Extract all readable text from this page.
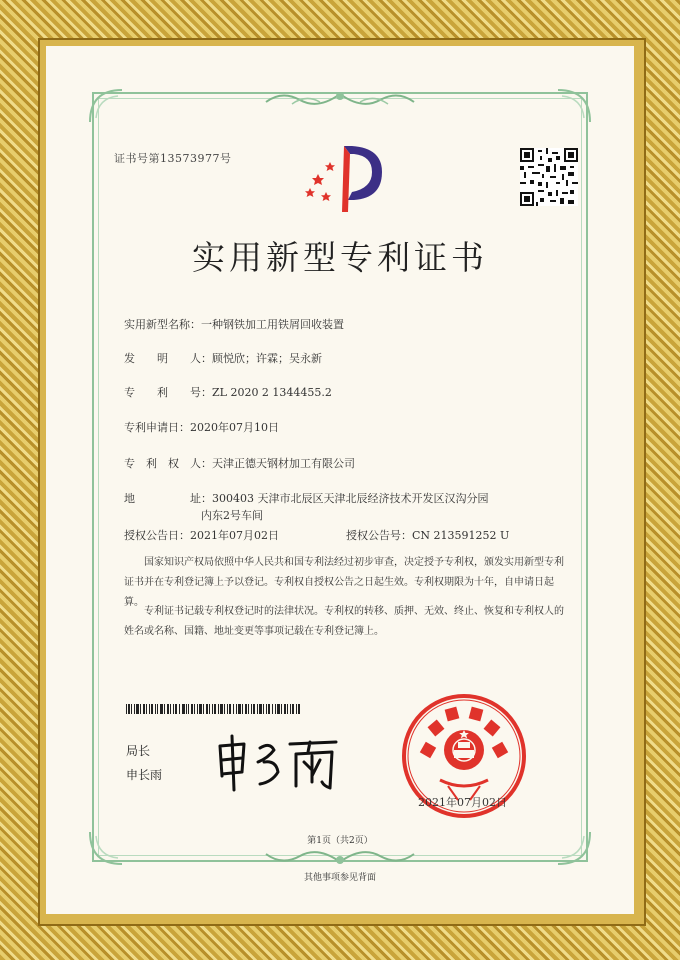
证书号第13573977号
实用新型专利证书
实用新型名称：一种钢铁加工用铁屑回收装置
发　　明　　人：顾悦欣；许霖；吴永新
专　　利　　号：ZL 2020 2 1344455.2
专利申请日：2020年07月10日
专　利　权　人：天津正德天钢材加工有限公司
地　　　　　址：300403 天津市北辰区天津北辰经济技术开发区汉沟分园
内东2号车间
授权公告日：2021年07月02日	授权公告号：CN 213591252 U
国家知识产权局依照中华人民共和国专利法经过初步审查，决定授予专利权，颁发实用新型专利证书并在专利登记簿上予以登记。专利权自授权公告之日起生效。专利权期限为十年，自申请日起算。
专利证书记载专利权登记时的法律状况。专利权的转移、质押、无效、终止、恢复和专利权人的姓名或名称、国籍、地址变更等事项记载在专利登记簿上。
局长
申长雨
2021年07月02日
第1页（共2页）
其他事项参见背面
